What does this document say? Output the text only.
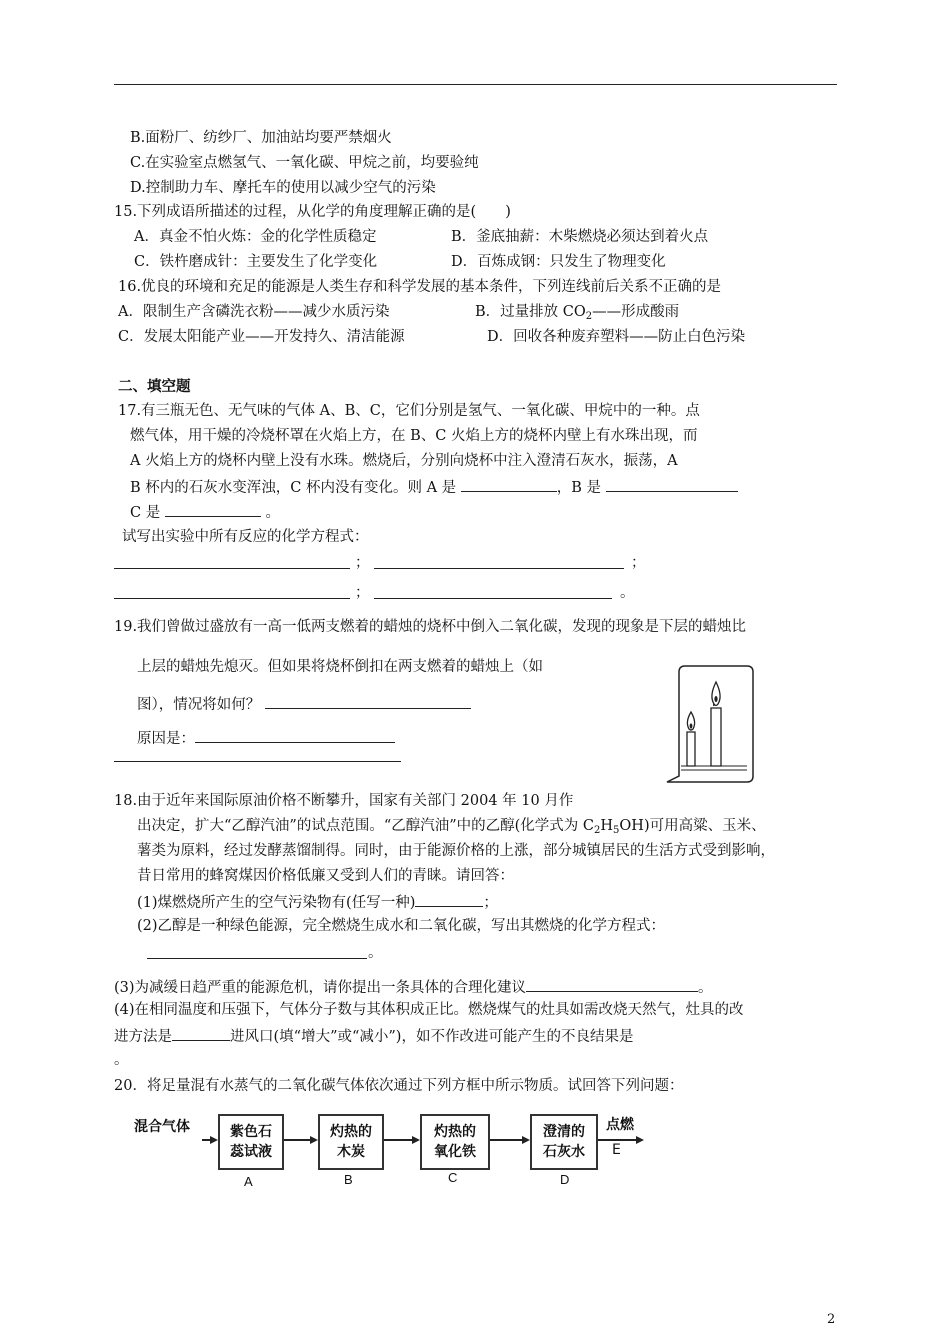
B.面粉厂、纺纱厂、加油站均要严禁烟火
C.在实验室点燃氢气、一氧化碳、甲烷之前，均要验纯
D.控制助力车、摩托车的使用以减少空气的污染
15.下列成语所描述的过程，从化学的角度理解正确的是(　　)
A．真金不怕火炼：金的化学性质稳定	B．釜底抽薪：木柴燃烧必须达到着火点
C．铁杵磨成针：主要发生了化学变化	D．百炼成钢：只发生了物理变化
16.优良的环境和充足的能源是人类生存和科学发展的基本条件，下列连线前后关系不正确的是
A．限制生产含磷洗衣粉——减少水质污染	B．过量排放 $CO_2——$形成酸雨
C．发展太阳能产业——开发持久、清洁能源	D．回收各种废弃塑料——防止白色污染
二、填空题
17.有三瓶无色、无气味的气体 A、B、C，它们分别是氢气、一氧化碳、甲烷中的一种。点
燃气体，用干燥的冷烧杯罩在火焰上方，在 B、C 火焰上方的烧杯内壁上有水珠出现，而
A 火焰上方的烧杯内壁上没有水珠。燃烧后，分别向烧杯中注入澄清石灰水，振荡，A
B 杯内的石灰水变浑浊，C 杯内没有变化。则 A 是	，B 是
C 是	。
试写出实验中所有反应的化学方程式：
；	；
；	。
19.我们曾做过盛放有一高一低两支燃着的蜡烛的烧杯中倒入二氧化碳，发现的现象是下层的蜡烛比
上层的蜡烛先熄灭。但如果将烧杯倒扣在两支燃着的蜡烛上（如
图），情况将如何？
原因是：
18.由于近年来国际原油价格不断攀升，国家有关部门 2004 年 10 月作
出决定，扩大“乙醇汽油”的试点范围。“乙醇汽油”中的乙醇(化学式为 $C_2H_5OH$)可用高粱、玉米、
薯类为原料，经过发酵蒸馏制得。同时，由于能源价格的上涨，部分城镇居民的生活方式受到影响，
昔日常用的蜂窝煤因价格低廉又受到人们的青睐。请回答：
(1)煤燃烧所产生的空气污染物有(任写一种)	；
(2)乙醇是一种绿色能源，完全燃烧生成水和二氧化碳，写出其燃烧的化学方程式：
。
(3)为减缓日趋严重的能源危机，请你提出一条具体的合理化建议	。
(4)在相同温度和压强下，气体分子数与其体积成正比。燃烧煤气的灶具如需改烧天然气，灶具的改
进方法是	进风口(填“增大”或“减小”)，如不作改进可能产生的不良结果是
。
20．将足量混有水蒸气的二氧化碳气体依次通过下列方框中所示物质。试回答下列问题：
混合气体	紫色石
蕊试液
灼热的
木炭
灼热的
氧化铁
澄清的
石灰水
点燃
E
A	B	C	D
2
